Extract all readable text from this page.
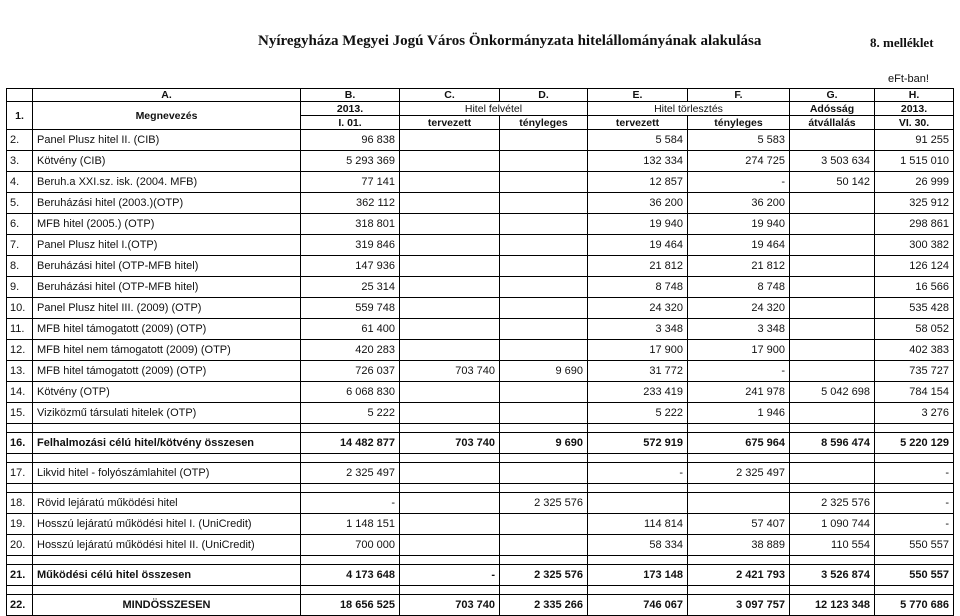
Nyíregyháza Megyei Jogú Város Önkormányzata hitelállományának alakulása	8. melléklet
eFt-ban!
	A.	B.	C.	D.	E.	F.	G.	H.
1.	Megnevezés	2013.	Hitel felvétel		Hitel törlesztés		Adósság	2013.
		I. 01.	tervezett	tényleges	tervezett	tényleges	átvállalás	VI. 30.
2.	Panel Plusz hitel II. (CIB)	96 838			5 584	5 583		91 255
3.	Kötvény (CIB)	5 293 369			132 334	274 725	3 503 634	1 515 010
4.	Beruh.a XXI.sz. isk. (2004. MFB)	77 141			12 857	-	50 142	26 999
5.	Beruházási hitel (2003.)(OTP)	362 112			36 200	36 200		325 912
6.	MFB hitel (2005.) (OTP)	318 801			19 940	19 940		298 861
7.	Panel Plusz hitel I.(OTP)	319 846			19 464	19 464		300 382
8.	Beruházási hitel (OTP-MFB hitel)	147 936			21 812	21 812		126 124
9.	Beruházási hitel (OTP-MFB hitel)	25 314			8 748	8 748		16 566
10.	Panel Plusz hitel III. (2009) (OTP)	559 748			24 320	24 320		535 428
11.	MFB hitel támogatott (2009) (OTP)	61 400			3 348	3 348		58 052
12.	MFB hitel nem támogatott (2009) (OTP)	420 283			17 900	17 900		402 383
13.	MFB hitel támogatott (2009) (OTP)	726 037	703 740	9 690	31 772	-		735 727
14.	Kötvény (OTP)	6 068 830			233 419	241 978	5 042 698	784 154
15.	Viziközmű társulati hitelek (OTP)	5 222			5 222	1 946		3 276

16.	Felhalmozási célú hitel/kötvény összesen	14 482 877	703 740	9 690	572 919	675 964	8 596 474	5 220 129

17.	Likvid hitel - folyószámlahitel (OTP)	2 325 497			-	2 325 497		-

18.	Rövid lejáratú működési hitel	-		2 325 576			2 325 576	-
19.	Hosszú lejáratú működési hitel I. (UniCredit)	1 148 151			114 814	57 407	1 090 744	-
20.	Hosszú lejáratú működési hitel II. (UniCredit)	700 000			58 334	38 889	110 554	550 557

21.	Működési célú hitel összesen	4 173 648	-	2 325 576	173 148	2 421 793	3 526 874	550 557

22.	MINDÖSSZESEN	18 656 525	703 740	2 335 266	746 067	3 097 757	12 123 348	5 770 686
